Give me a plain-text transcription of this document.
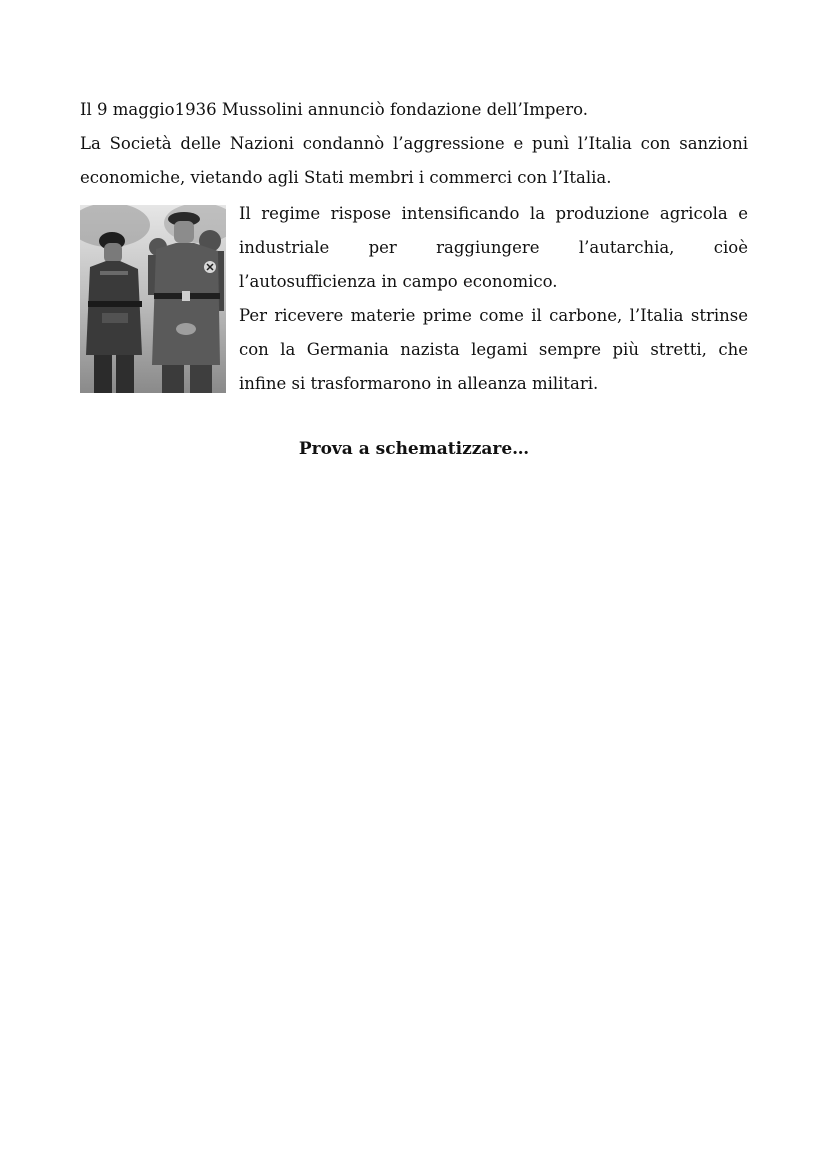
Il 9 maggio1936 Mussolini annunciò fondazione dell’Impero.

La Società delle Nazioni condannò l’aggressione e punì l’Italia con sanzioni economiche, vietando agli Stati membri i commerci con l’Italia.

Il regime rispose intensificando la produzione agricola e industriale per raggiungere l’autarchia, cioè l’autosufficienza in campo economico.

Per ricevere materie prime come il carbone, l’Italia strinse con la Germania nazista legami sempre più stretti, che infine si trasformarono in alleanza militari.

Prova a schematizzare…
